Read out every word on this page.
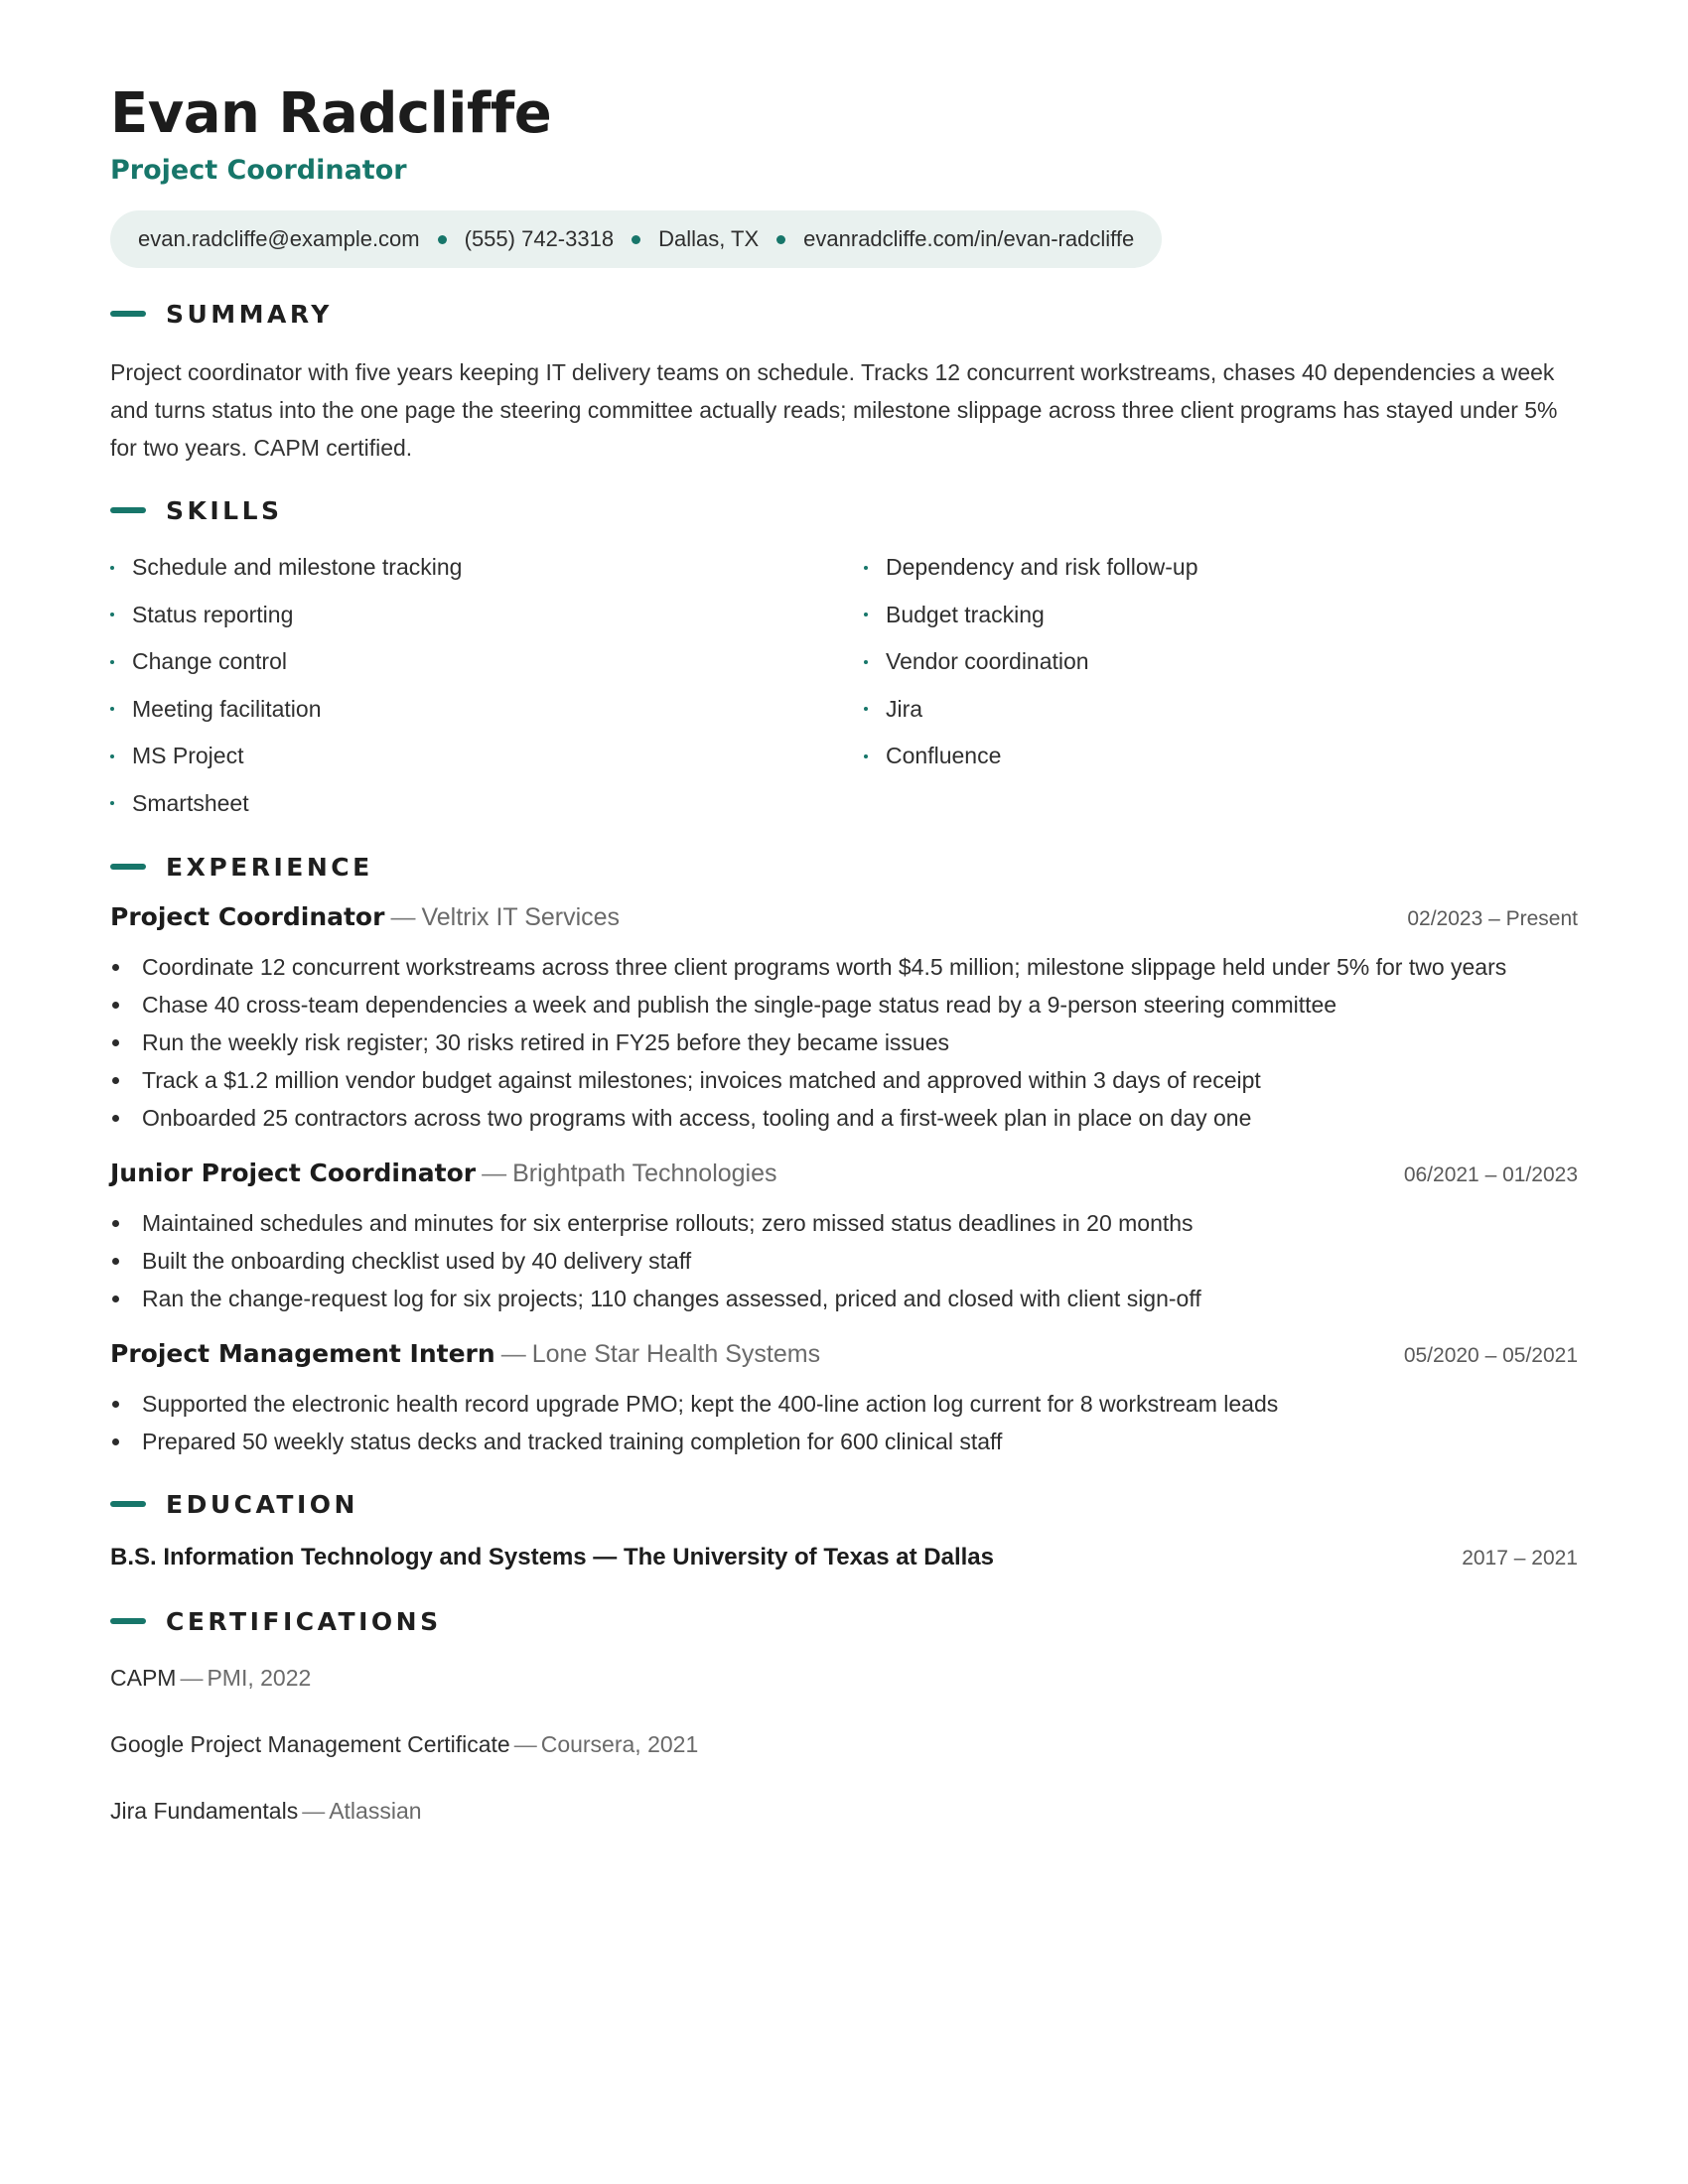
Evan Radcliffe
Project Coordinator
evan.radcliffe@example.com (555) 742-3318 Dallas, TX evanradcliffe.com/in/evan-radcliffe
SUMMARY

Project coordinator with five years keeping IT delivery teams on schedule. Tracks 12 concurrent workstreams, chases 40 dependencies a week and turns status into the one page the steering committee actually reads; milestone slippage across three client programs has stayed under 5% for two years. CAPM certified.

SKILLS
Schedule and milestone tracking
Status reporting
Change control
Meeting facilitation
MS Project
Smartsheet
Dependency and risk follow-up
Budget tracking
Vendor coordination
Jira
Confluence
EXPERIENCE
Project Coordinator — Veltrix IT Services	02/2023 – Present
Coordinate 12 concurrent workstreams across three client programs worth $4.5 million; milestone slippage held under 5% for two years
Chase 40 cross-team dependencies a week and publish the single-page status read by a 9-person steering committee
Run the weekly risk register; 30 risks retired in FY25 before they became issues
Track a $1.2 million vendor budget against milestones; invoices matched and approved within 3 days of receipt
Onboarded 25 contractors across two programs with access, tooling and a first-week plan in place on day one
Junior Project Coordinator — Brightpath Technologies	06/2021 – 01/2023
Maintained schedules and minutes for six enterprise rollouts; zero missed status deadlines in 20 months
Built the onboarding checklist used by 40 delivery staff
Ran the change-request log for six projects; 110 changes assessed, priced and closed with client sign-off
Project Management Intern — Lone Star Health Systems	05/2020 – 05/2021
Supported the electronic health record upgrade PMO; kept the 400-line action log current for 8 workstream leads
Prepared 50 weekly status decks and tracked training completion for 600 clinical staff
EDUCATION
B.S. Information Technology and Systems — The University of Texas at Dallas	2017 – 2021
CERTIFICATIONS
CAPM — PMI, 2022
Google Project Management Certificate — Coursera, 2021
Jira Fundamentals — Atlassian
